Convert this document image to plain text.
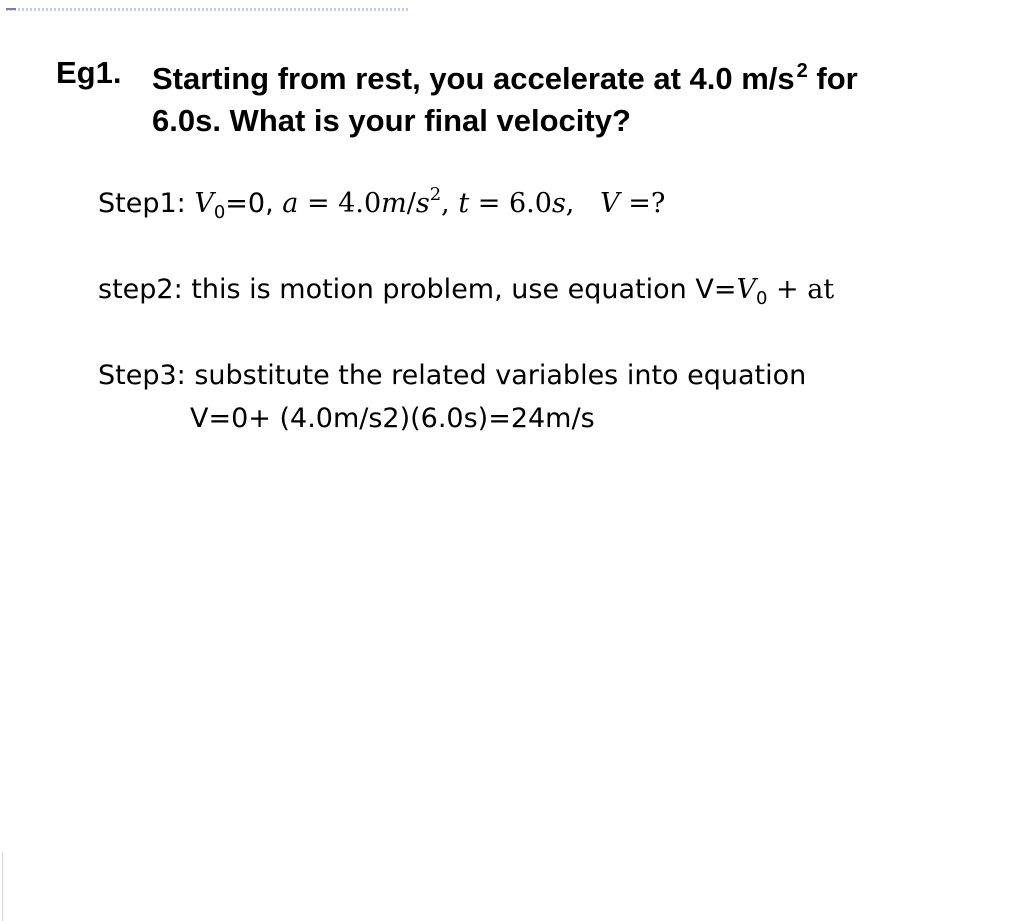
Eg1. Starting from rest, you accelerate at 4.0 m/s $^2$ for
6.0s. What is your final velocity?
Step1: $V_0=0$, $a = 4.0m/s^2$, t = 6.0s, V =?
step2: this is motion problem, use equation $V=V_0$ + at
Step3: substitute the related variables into equation
V=0+ (4.0m/s2)(6.0s)=24m/s
